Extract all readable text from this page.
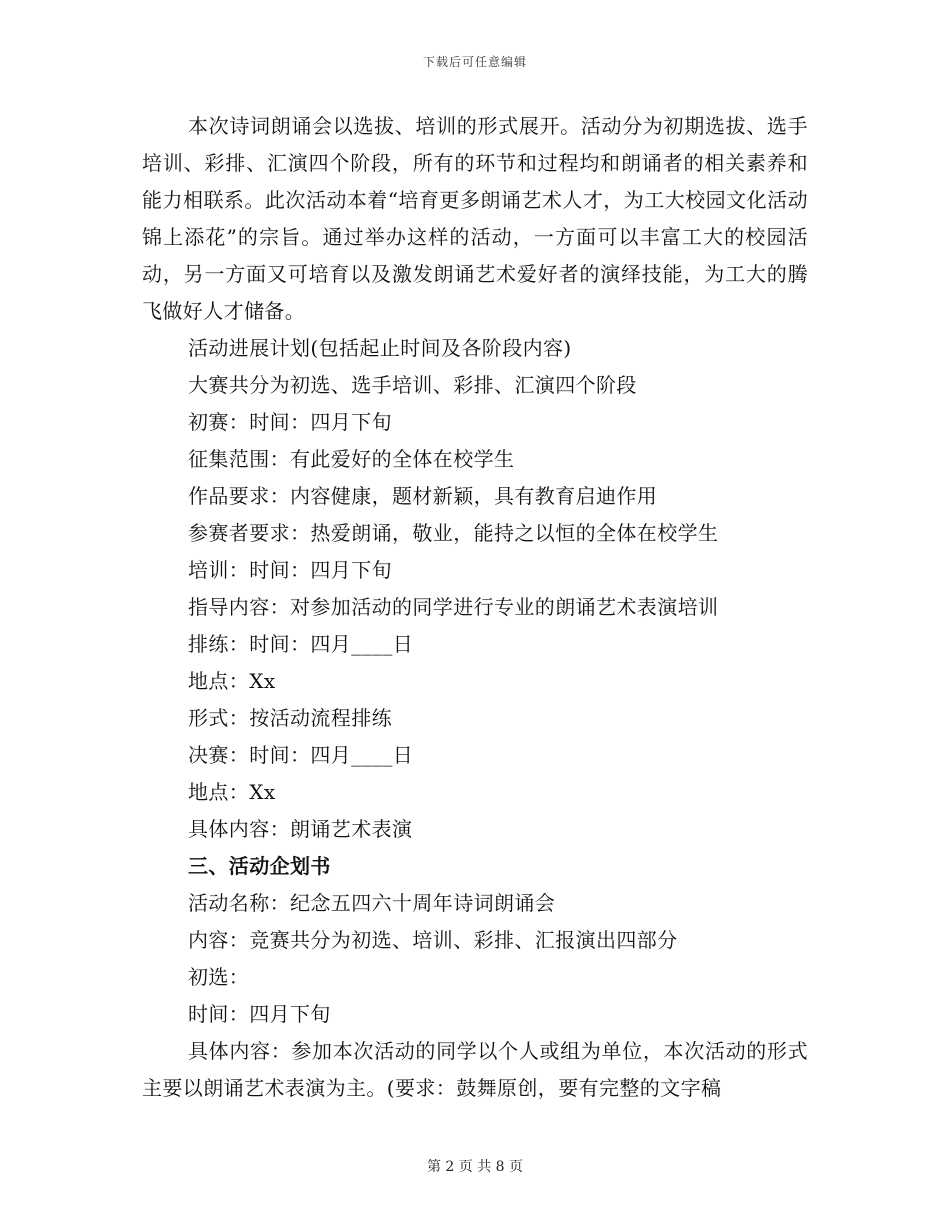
下载后可任意编辑

本次诗词朗诵会以选拔、培训的形式展开。活动分为初期选拔、选手培训、彩排、汇演四个阶段，所有的环节和过程均和朗诵者的相关素养和能力相联系。此次活动本着“培育更多朗诵艺术人才，为工大校园文化活动锦上添花”的宗旨。通过举办这样的活动，一方面可以丰富工大的校园活动，另一方面又可培育以及激发朗诵艺术爱好者的演绎技能，为工大的腾飞做好人才储备。

活动进展计划(包括起止时间及各阶段内容)

大赛共分为初选、选手培训、彩排、汇演四个阶段

初赛：时间：四月下旬

征集范围：有此爱好的全体在校学生

作品要求：内容健康，题材新颖，具有教育启迪作用

参赛者要求：热爱朗诵，敬业，能持之以恒的全体在校学生

培训：时间：四月下旬

指导内容：对参加活动的同学进行专业的朗诵艺术表演培训

排练：时间：四月____日

地点：Xx

形式：按活动流程排练

决赛：时间：四月____日

地点：Xx

具体内容：朗诵艺术表演

三、活动企划书

活动名称：纪念五四六十周年诗词朗诵会

内容：竞赛共分为初选、培训、彩排、汇报演出四部分

初选：

时间：四月下旬

具体内容：参加本次活动的同学以个人或组为单位，本次活动的形式主要以朗诵艺术表演为主。(要求：鼓舞原创，要有完整的文字稿

第 2 页 共 8 页
